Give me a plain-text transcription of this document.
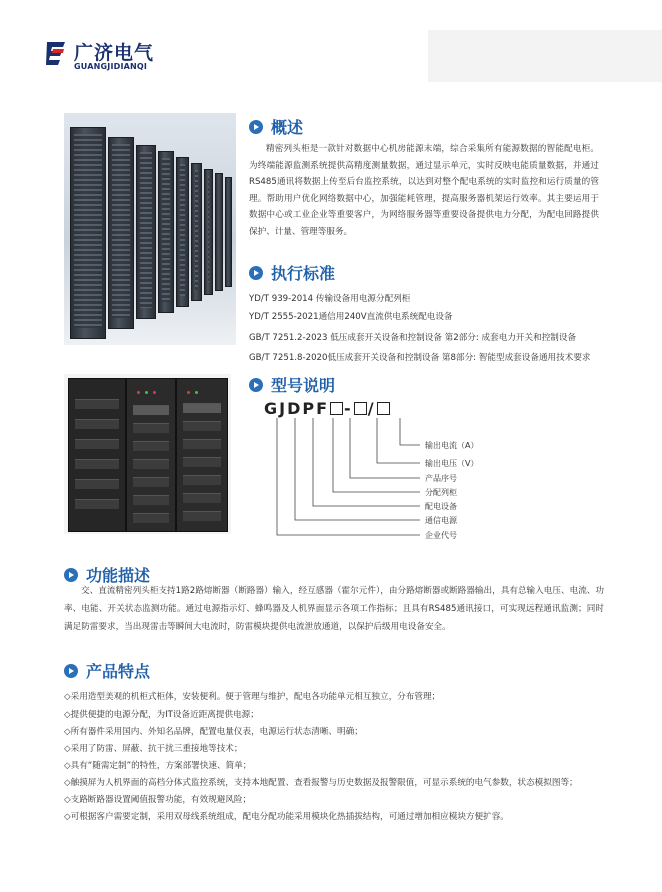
广济电气
GUANGJIDIANQI
概述
精密列头柜是一款针对数据中心机房能源末端，综合采集所有能源数据的智能配电柜。为终端能源监测系统提供高精度测量数据，通过显示单元，实时反映电能质量数据，并通过RS485通讯将数据上传至后台监控系统，以达到对整个配电系统的实时监控和运行质量的管理。帮助用户优化网络数据中心，加强能耗管理，提高服务器机架运行效率。其主要运用于数据中心或工业企业等重要客户，为网络服务器等重要设备提供电力分配，为配电回路提供保护、计量、管理等服务。
执行标准
YD/T 939-2014 传输设备用电源分配列柜
YD/T 2555-2021通信用240V直流供电系统配电设备
GB/T 7251.2-2023 低压成套开关设备和控制设备 第2部分: 成套电力开关和控制设备
GB/T 7251.8-2020低压成套开关设备和控制设备 第8部分: 智能型成套设备通用技术要求
型号说明
GJDPF - /
输出电流（A）
输出电压（V）
产品序号
分配列柜
配电设备
通信电源
企业代号
功能描述
交、直流精密列头柜支持1路2路熔断器（断路器）输入，经互感器（霍尔元件），由分路熔断器或断路器输出，具有总输入电压、电流、功率、电能、开关状态监测功能。通过电源指示灯、蜂鸣器及人机界面显示各项工作指标；且具有RS485通讯接口，可实现远程通讯监测；同时满足防雷要求，当出现雷击等瞬间大电流时，防雷模块提供电流泄放通道，以保护后级用电设备安全。
产品特点
◇采用造型美观的机柜式柜体，安装便利。便于管理与维护，配电各功能单元相互独立，分布管理；
◇提供便捷的电源分配，为IT设备近距离提供电源；
◇所有器件采用国内、外知名品牌，配置电量仪表，电源运行状态清晰、明确；
◇采用了防雷、屏蔽、抗干扰三重接地等技术；
◇具有“随需定制”的特性，方案部署快速、简单；
◇触摸屏为人机界面的高档分体式监控系统，支持本地配置、查看报警与历史数据及报警限值，可显示系统的电气参数，状态模拟图等；
◇支路断路器设置阈值报警功能，有效规避风险；
◇可根据客户需要定制，采用双母线系统组成，配电分配功能采用模块化热插拔结构，可通过增加相应模块方便扩容。
